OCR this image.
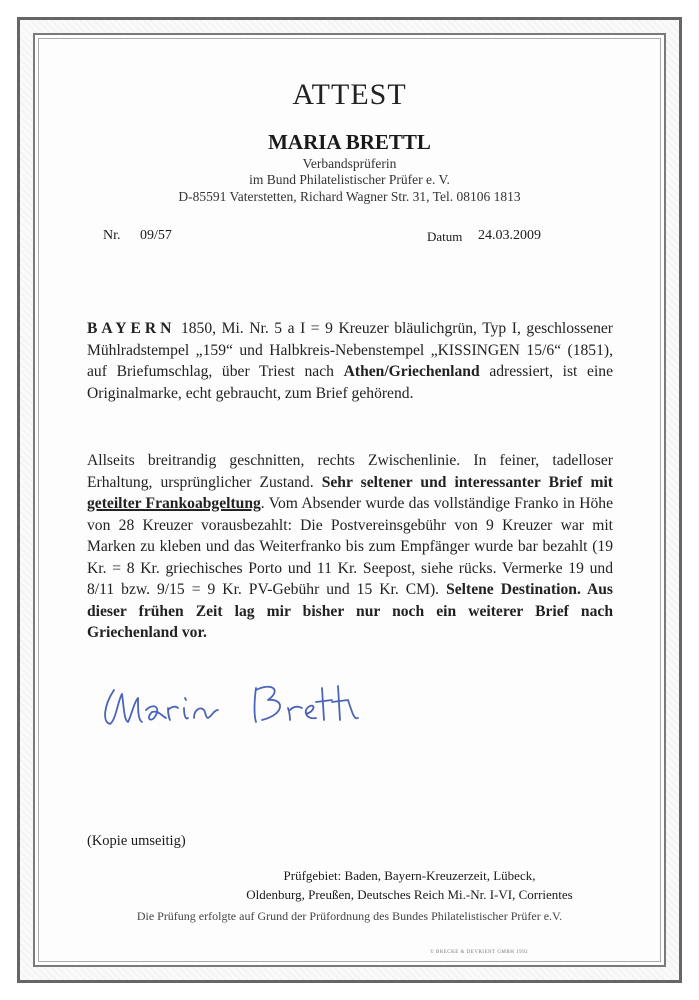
ATTEST
MARIA BRETTL
Verbandsprüferin
im Bund Philatelistischer Prüfer e. V.
D-85591 Vaterstetten, Richard Wagner Str. 31, Tel. 08106 1813
Nr. 09/57	Datum 24.03.2009
BAYERN 1850, Mi. Nr. 5 a I = 9 Kreuzer bläulichgrün, Typ I, geschlossener Mühlradstempel „159“ und Halbkreis-Nebenstempel „KISSINGEN 15/6“ (1851), auf Briefumschlag, über Triest nach Athen/Griechenland adressiert, ist eine Originalmarke, echt gebraucht, zum Brief gehörend.
Allseits breitrandig geschnitten, rechts Zwischenlinie. In feiner, tadelloser Erhaltung, ursprünglicher Zustand. Sehr seltener und interessanter Brief mit geteilter Frankoabgeltung. Vom Absender wurde das vollständige Franko in Höhe von 28 Kreuzer vorausbezahlt: Die Postvereinsgebühr von 9 Kreuzer war mit Marken zu kleben und das Weiterfranko bis zum Empfänger wurde bar bezahlt (19 Kr. = 8 Kr. griechisches Porto und 11 Kr. Seepost, siehe rücks. Vermerke 19 und 8/11 bzw. 9/15 = 9 Kr. PV-Gebühr und 15 Kr. CM). Seltene Destination. Aus dieser frühen Zeit lag mir bisher nur noch ein weiterer Brief nach Griechenland vor.
(Kopie umseitig)
Prüfgebiet: Baden, Bayern-Kreuzerzeit, Lübeck,
Oldenburg, Preußen, Deutsches Reich Mi.-Nr. I-VI, Corrientes
Die Prüfung erfolgte auf Grund der Prüfordnung des Bundes Philatelistischer Prüfer e.V.
© BRECKE & DEVRIENT GMBH 1992
